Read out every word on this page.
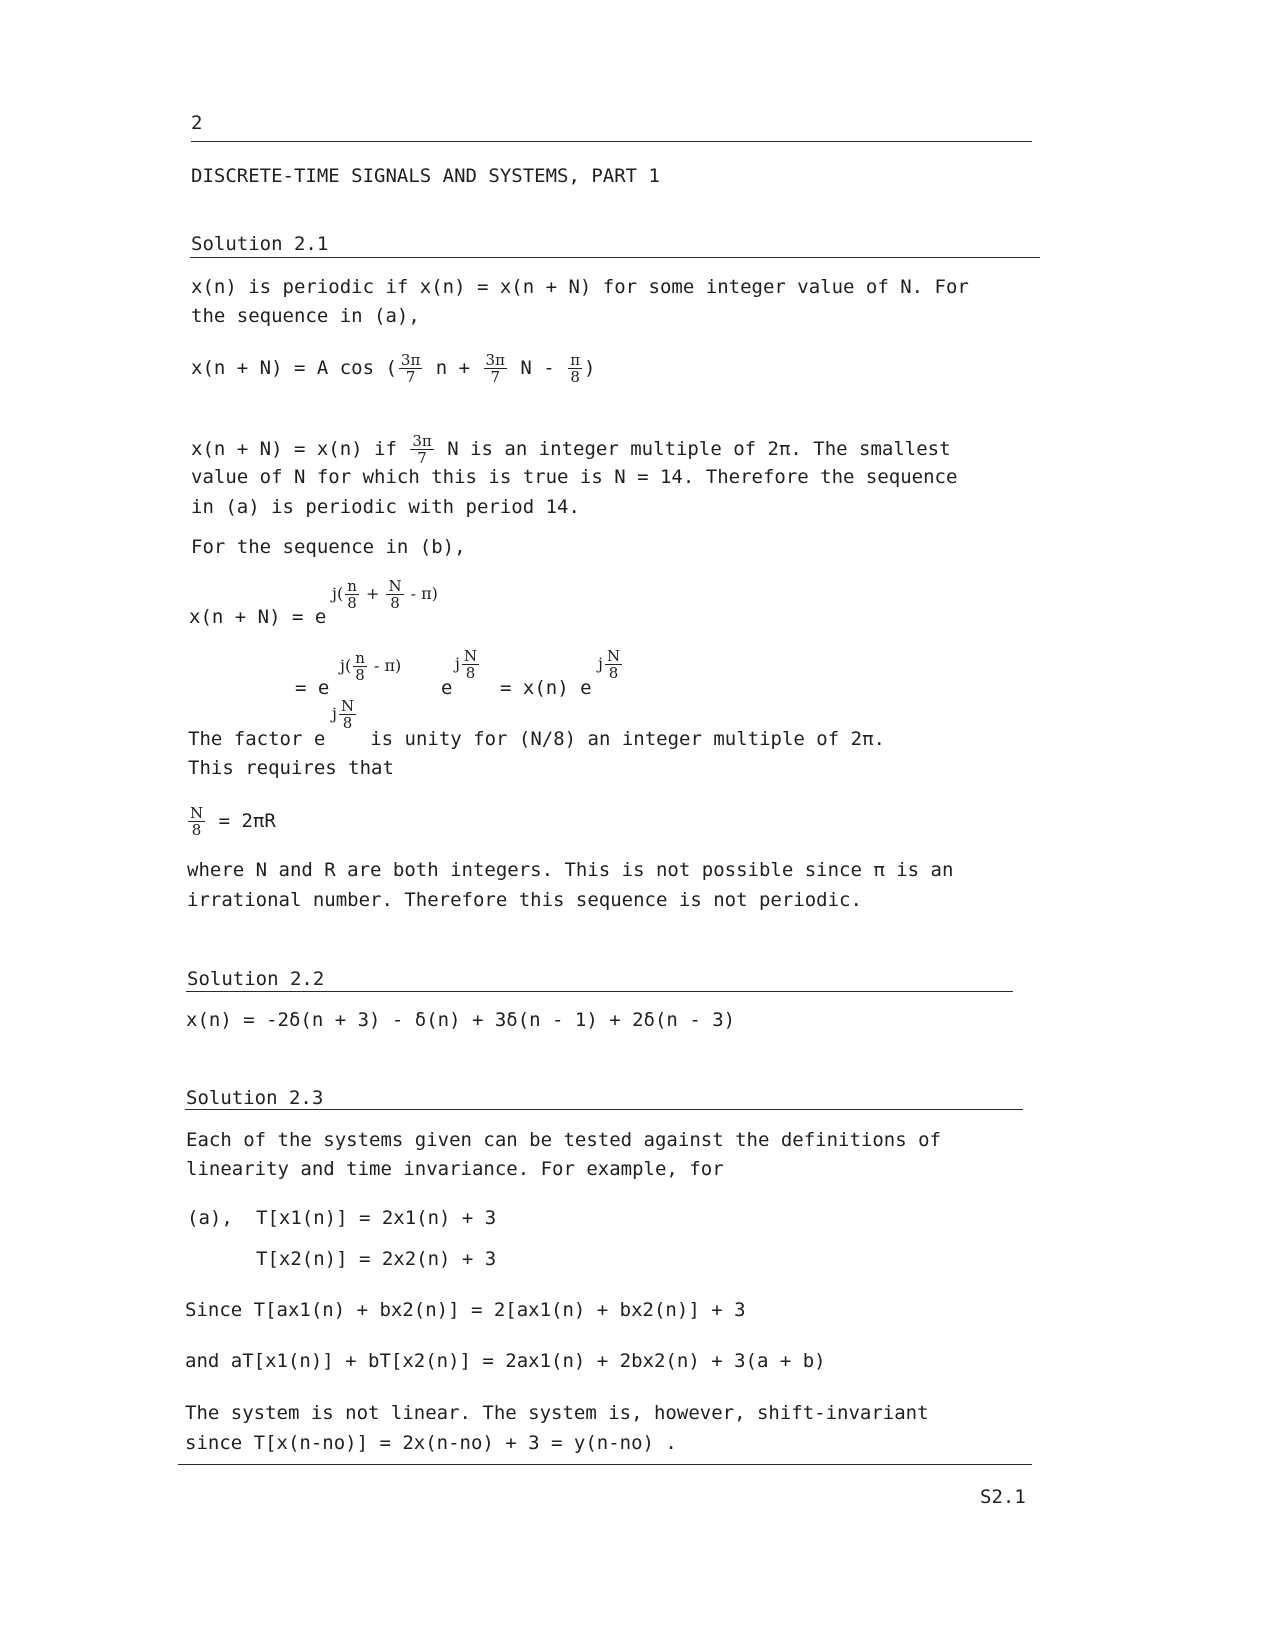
2
DISCRETE-TIME SIGNALS AND SYSTEMS, PART 1
Solution 2.1
x(n) is periodic if x(n) = x(n + N) for some integer value of N. For
the sequence in (a),
x(n + N) = A cos ( $\frac{3\pi}{7}$ $n + \frac{3\pi}{7}$ N - $\frac{\pi}{8}$ )
x(n + N) = x(n) if $\frac{3\pi}{7}$ N is an integer multiple of 2π. The smallest
value of N for which this is true is N = 14. Therefore the sequence
in (a) is periodic with period 14.
For the sequence in (b),
x(n + N) = e
$j( \frac{n}{8} + \frac{N}{8} - \pi)$
= e
$j( \frac{n}{8} - \pi)$
e
j $\frac{N}{8}$
= x(n) e
j $\frac{N}{8}$
j $\frac{N}{8}$
The factor e is unity for (N/8) an integer multiple of 2π.
This requires that
$\frac{N}{8} = 2\pi R$
where N and R are both integers. This is not possible since π is an
irrational number. Therefore this sequence is not periodic.
Solution 2.2
x(n) = -2δ(n + 3) - δ(n) + 3δ(n - 1) + 2δ(n - 3)
Solution 2.3
Each of the systems given can be tested against the definitions of
linearity and time invariance. For example, for
(a), T[x1(n)] = 2x1(n) + 3
T[x2(n)] = 2x2(n) + 3
Since T[ax1(n) + bx2(n)] = 2[ax1(n) + bx2(n)] + 3
and aT[x1(n)] + bT[x2(n)] = 2ax1(n) + 2bx2(n) + 3(a + b)
The system is not linear. The system is, however, shift-invariant
since T[x(n-no)] = 2x(n-no) + 3 = y(n-no) .
S2.1
